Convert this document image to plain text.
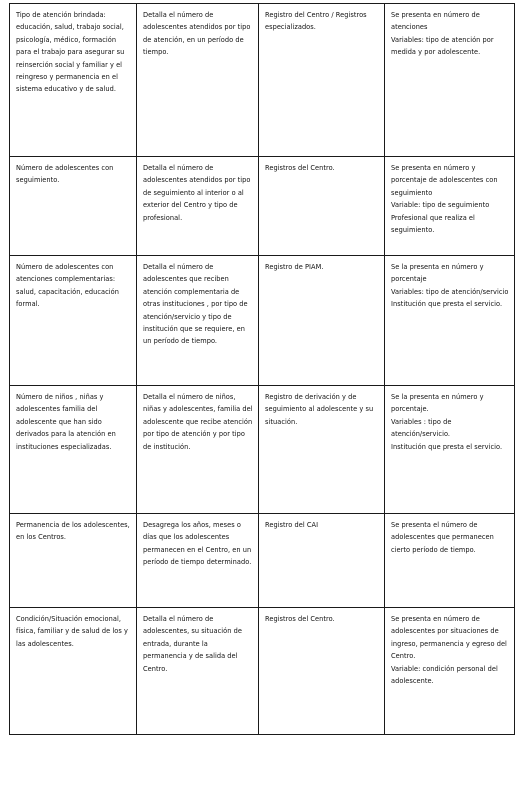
Tipo de atención brindada: educación, salud, trabajo social, psicología, médico, formación para el trabajo para asegurar su reinserción social y familiar y el reingreso y permanencia en el sistema educativo y de salud.	Detalla el número de adolescentes atendidos por tipo de atención, en un período de tiempo.	Registro del Centro / Registros especializados.	Se presenta en número de atenciones
Variables: tipo de atención por medida y por adolescente.

Número de adolescentes con seguimiento.	Detalla el número de adolescentes atendidos por tipo de seguimiento al interior o al exterior del Centro y tipo de profesional.	Registros del Centro.	Se presenta en número y porcentaje de adolescentes con seguimiento
Variable: tipo de seguimiento Profesional que realiza el seguimiento.

Número de adolescentes con atenciones complementarias: salud, capacitación, educación formal.	Detalla el número de adolescentes que reciben atención complementaria de otras instituciones , por tipo de atención/servicio y tipo de institución que se requiere, en un período de tiempo.	Registro de PIAM.	Se la presenta en número y porcentaje
Variables: tipo de atención/servicio
Institución que presta el servicio.

Número de niños , niñas y adolescentes familia del adolescente que han sido derivados para la atención en instituciones especializadas.	Detalla el número de niños, niñas y adolescentes, familia del adolescente que recibe atención por tipo de atención y por tipo de institución.	Registro de derivación y de seguimiento al adolescente y su situación.	Se la presenta en número y porcentaje.
Variables : tipo de atención/servicio.
Institución que presta el servicio.

Permanencia de los adolescentes, en los Centros.	Desagrega los años, meses o días que los adolescentes permanecen en el Centro, en un período de tiempo determinado.	Registro del CAI	Se presenta el número de adolescentes que permanecen cierto período de tiempo.

Condición/Situación emocional, física, familiar y de salud de los y las adolescentes.	Detalla el número de adolescentes, su situación de entrada, durante la permanencia y de salida del Centro.	Registros del Centro.	Se presenta en número de adolescentes por situaciones de ingreso, permanencia y egreso del Centro.
Variable: condición personal del adolescente.
